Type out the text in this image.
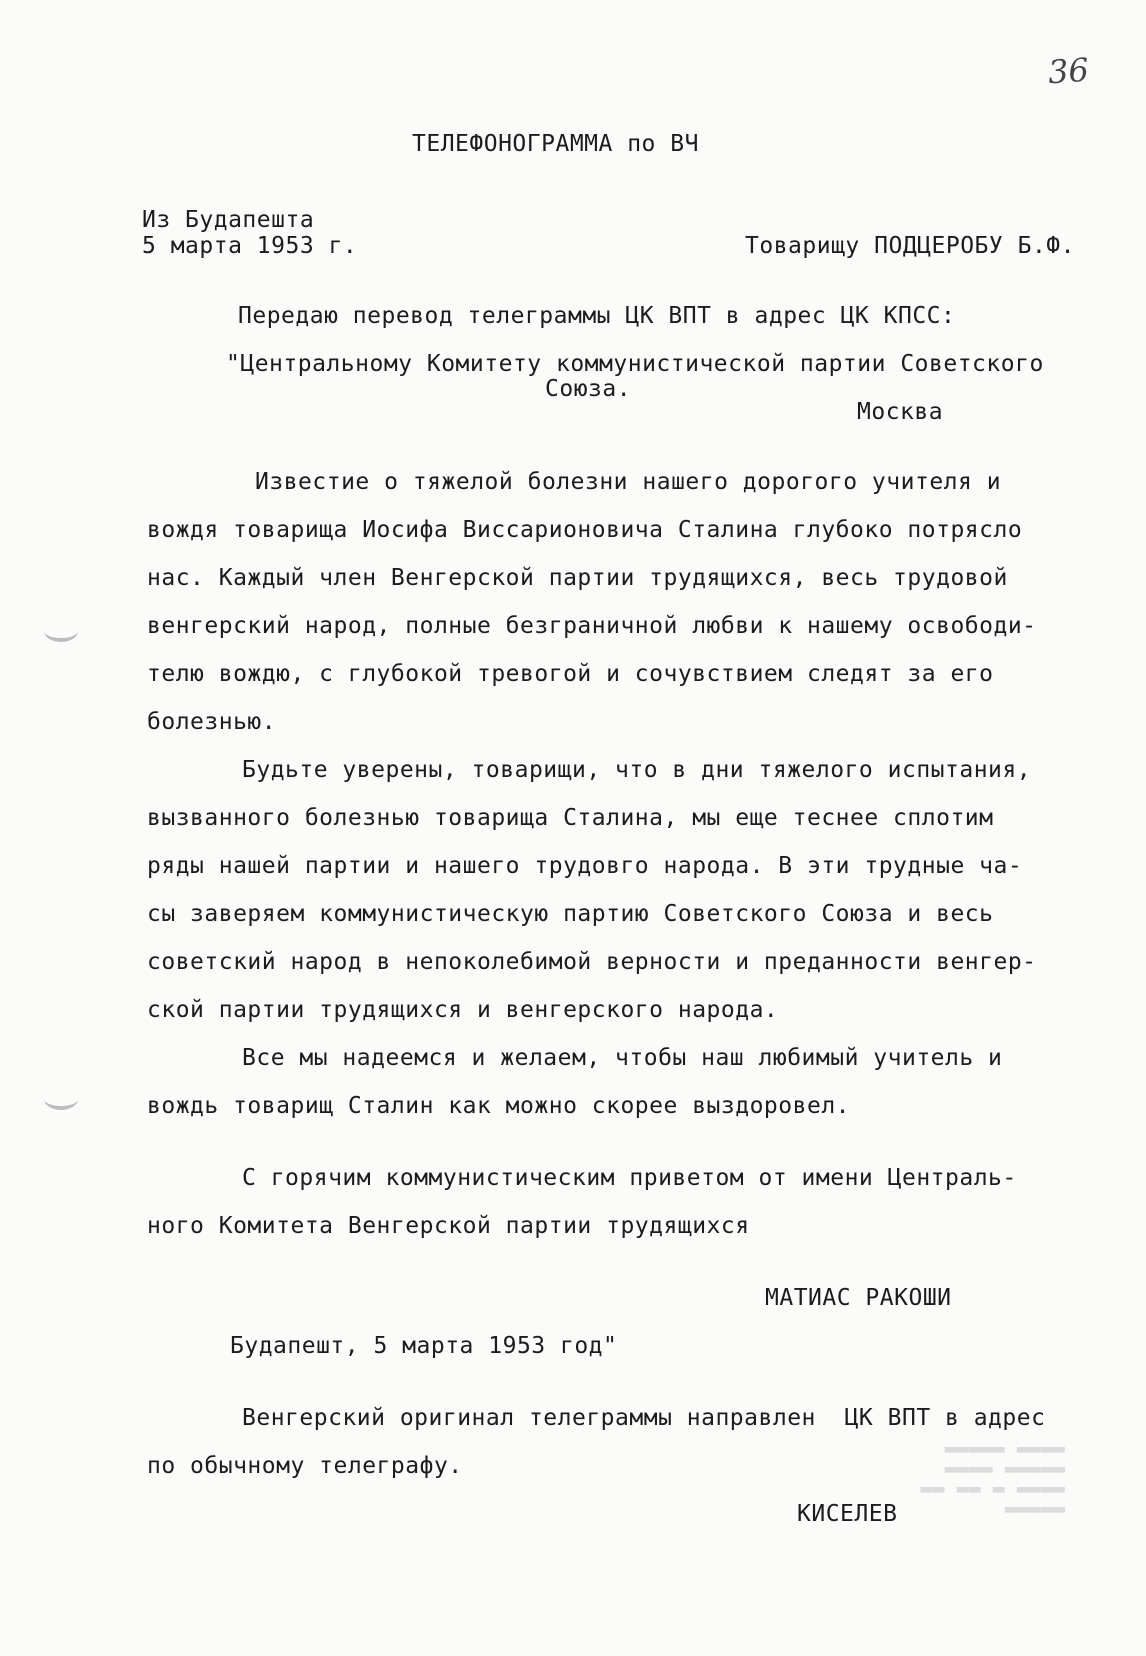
36
ТЕЛЕФОНОГРАММА по ВЧ
Из Будапешта
5 марта 1953 г.	Товарищу ПОДЦЕРОБУ Б.Ф.
Передаю перевод телеграммы ЦК ВПТ в адрес ЦК КПСС:
"Центральному Комитету коммунистической партии Советского
Союза.
Москва
Известие о тяжелой болезни нашего дорогого учителя и
вождя товарища Иосифа Виссарионовича Сталина глубоко потрясло
нас. Каждый член Венгерской партии трудящихся, весь трудовой
венгерский народ, полные безграничной любви к нашему освободи-
телю вождю, с глубокой тревогой и сочувствием следят за его
болезнью.
Будьте уверены, товарищи, что в дни тяжелого испытания,
вызванного болезнью товарища Сталина, мы еще теснее сплотим
ряды нашей партии и нашего трудовго народа. В эти трудные ча-
сы заверяем коммунистическую партию Советского Союза и весь
советский народ в непоколебимой верности и преданности венгер-
ской партии трудящихся и венгерского народа.
Все мы надеемся и желаем, чтобы наш любимый учитель и
вождь товарищ Сталин как можно скорее выздоровел.
С горячим коммунистическим приветом от имени Централь-
ного Комитета Венгерской партии трудящихся
МАТИАС РАКОШИ
Будапешт, 5 марта 1953 год"
Венгерский оригинал телеграммы направлен  ЦК ВПТ в адрес
по обычному телеграфу.
КИСЕЛЕВ
▬▬▬▬ ▬▬▬▬▬
▬▬▬▬▬ ▬▬▬▬
▬▬▬▬ ▬ ▬▬ ▬▬
▬▬▬▬▬
